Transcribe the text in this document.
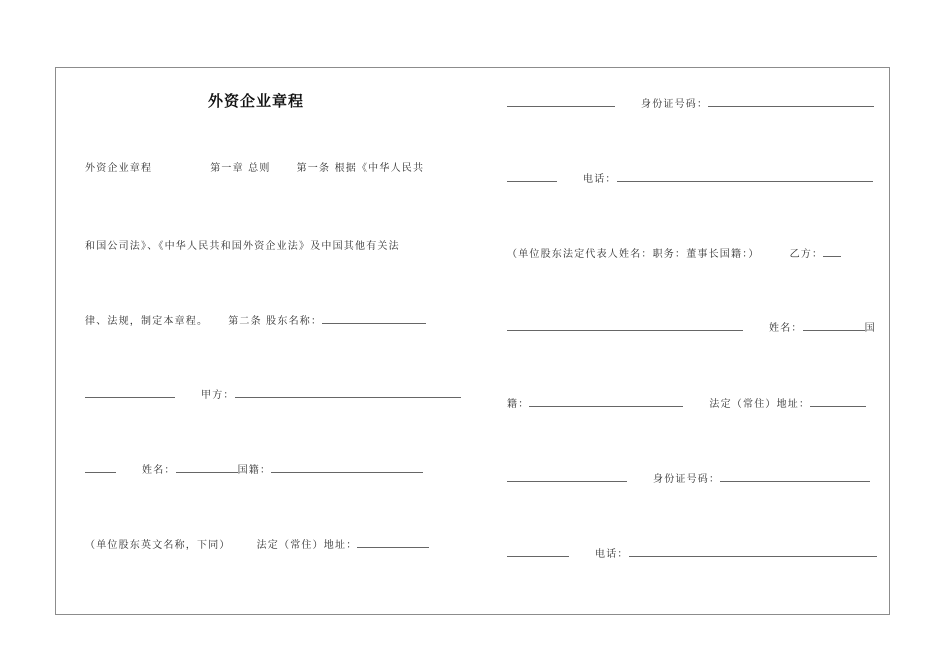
外资企业章程
外资企业章程	第一章 总则	第一条 根据《中华人民共
和国公司法》、《中华人民共和国外资企业法》及中国其他有关法
律、法规，制定本章程。 第二条 股东名称：
甲方：
姓名：	国籍：
（单位股东英文名称，下同）	法定（常住）地址：
身份证号码：
电话：
（单位股东法定代表人姓名：职务：董事长国籍：）	乙方：
姓名：	国
籍：	法定（常住）地址：
身份证号码：
电话：
